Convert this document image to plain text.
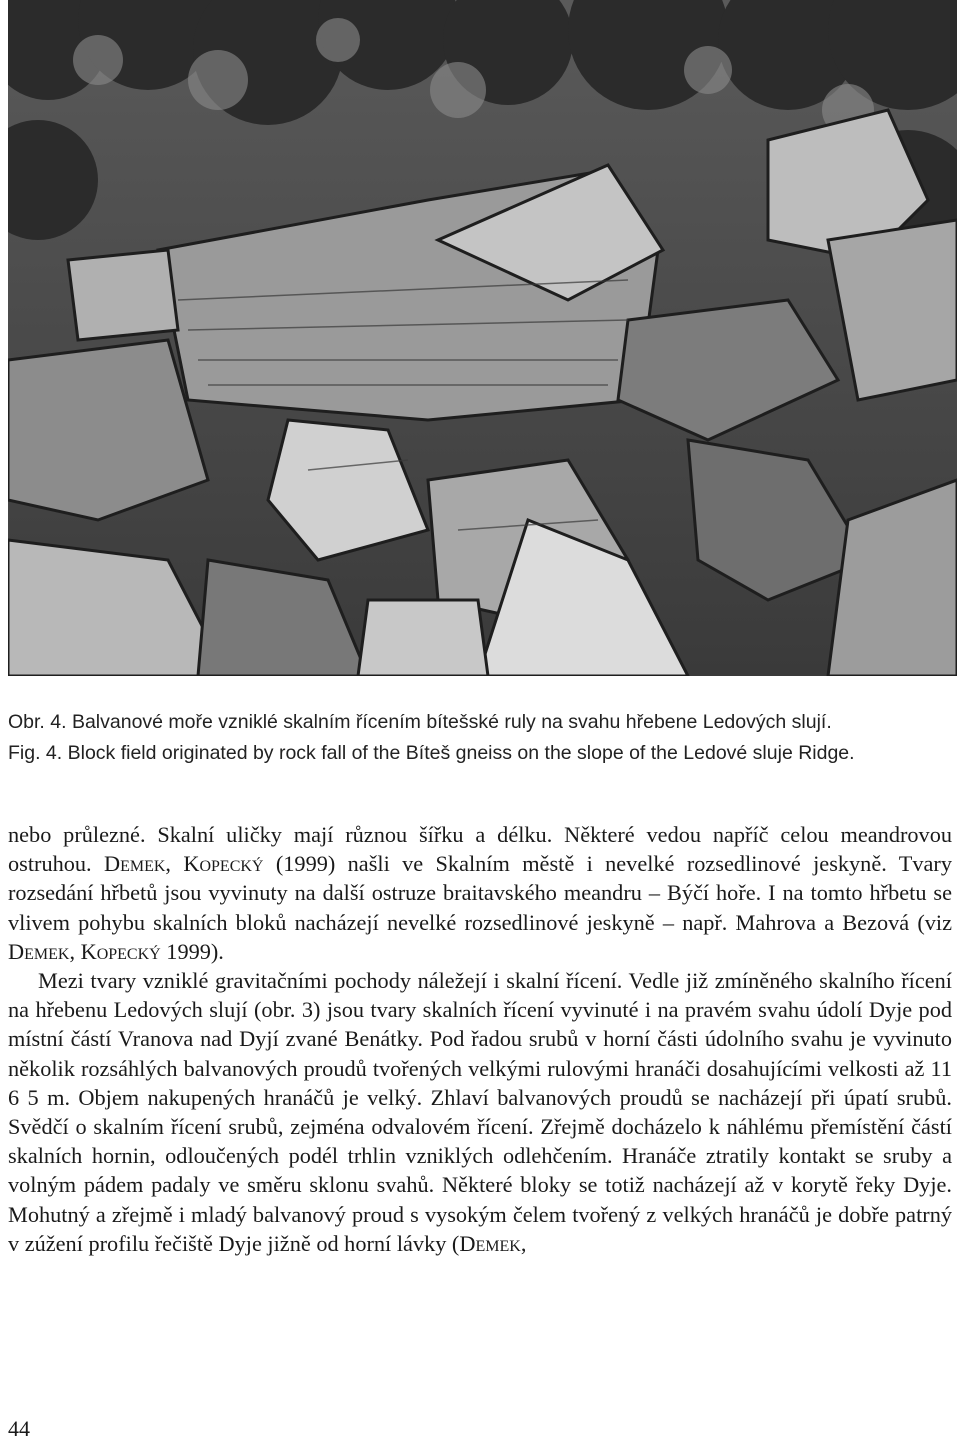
Obr. 4. Balvanové moře vzniklé skalním řícením bítešské ruly na svahu hřebene Ledových slují.
Fig. 4. Block field originated by rock fall of the Bíteš gneiss on the slope of the Ledové sluje Ridge.

nebo průlezné. Skalní uličky mají různou šířku a délku. Některé vedou napříč celou meandrovou ostruhou. Demek, Kopecký (1999) našli ve Skalním městě i nevelké rozsedlinové jeskyně. Tvary rozsedání hřbetů jsou vyvinuty na další ostruze braitavského meandru – Býčí hoře. I na tomto hřbetu se vlivem pohybu skalních bloků nacházejí nevelké rozsedlinové jeskyně – např. Mahrova a Bezová (viz Demek, Kopecký 1999).

Mezi tvary vzniklé gravitačními pochody náležejí i skalní řícení. Vedle již zmíněného skalního řícení na hřebenu Ledových slují (obr. 3) jsou tvary skalních řícení vyvinuté i na pravém svahu údolí Dyje pod místní částí Vranova nad Dyjí zvané Benátky. Pod řadou srubů v horní části údolního svahu je vyvinuto několik rozsáhlých balvanových proudů tvořených velkými rulovými hranáči dosahujícími velkosti až 11 6 5 m. Objem nakupených hranáčů je velký. Zhlaví balvanových proudů se nacházejí při úpatí srubů. Svědčí o skalním řícení srubů, zejména odvalovém řícení. Zřejmě docházelo k náhlému přemístění částí skalních hornin, odloučených podél trhlin vzniklých odlehčením. Hranáče ztratily kontakt se sruby a volným pádem padaly ve směru sklonu svahů. Některé bloky se totiž nacházejí až v korytě řeky Dyje. Mohutný a zřejmě i mladý balvanový proud s vysokým čelem tvořený z velkých hranáčů je dobře patrný v zúžení profilu řečiště Dyje jižně od horní lávky (Demek,

44
